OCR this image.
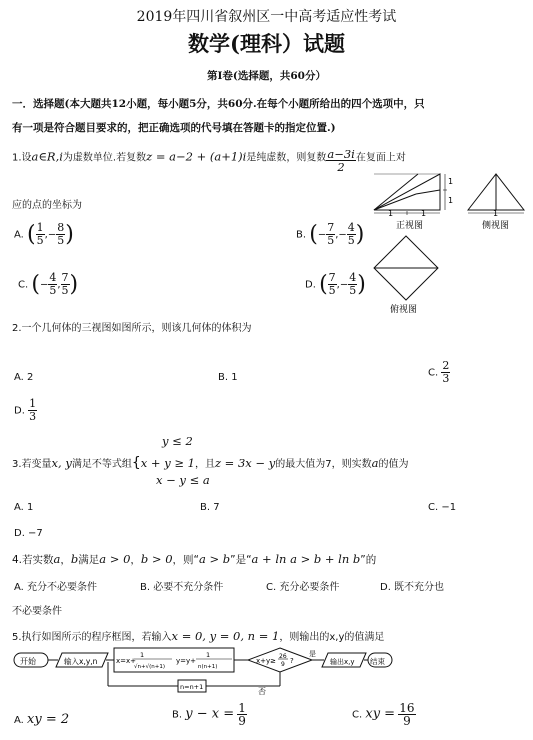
2019年四川省叙州区一中高考适应性考试
数学(理科）试题
第I卷(选择题，共60分）
一．选择题(本大题共12小题，每小题5分，共60分.在每个小题所给出的四个选项中，只
有一项是符合题目要求的，把正确选项的代号填在答题卡的指定位置.)
1.设a∈R,i为虚数单位.若复数z = a−2 + (a+1)i是纯虚数，则复数 $\frac{a-3i}{2}$ 在复面上对
应的点的坐标为
A. ( $\frac{1}{5}$ ,− $\frac{8}{5}$ )	B. (− $\frac{7}{5}$ ,− $\frac{4}{5}$ )
C. (− $\frac{4}{5}$ , $\frac{7}{5}$ )	D. ( $\frac{7}{5}$ ,− $\frac{4}{5}$ )
1	1
1
1
正视图
1
侧视图
俯视图
2.一个几何体的三视图如图所示，则该几何体的体积为
A. 2	B. 1	C. $\frac{2}{3}$
D. $\frac{1}{3}$
y ≤ 2
3.若变量x, y满足不等式组{x + y ≥ 1，且z = 3x − y的最大值为7，则实数a的值为
x − y ≤ a
A. 1	B. 7	C. −1
D. −7
4.若实数a，b满足a > 0，b > 0，则“a > b”是“a + ln a > b + ln b”的
A. 充分不必要条件	B. 必要不充分条件	C. 充分必要条件	D. 既不充分也
不必要条件
5.执行如图所示的程序框图，若输入x = 0, y = 0, n = 1，则输出的x,y的值满足
开始	输入x,y,n	x=x+
1
√n+√(n+1)
y=y+
1
n(n+1)
x+y≥
26
9 ?
是
否
输出x,y 结束
n=n+1
A. xy = 2	B. $y - x = \frac{1}{9}$	C. xy = $\frac{16}{9}$
